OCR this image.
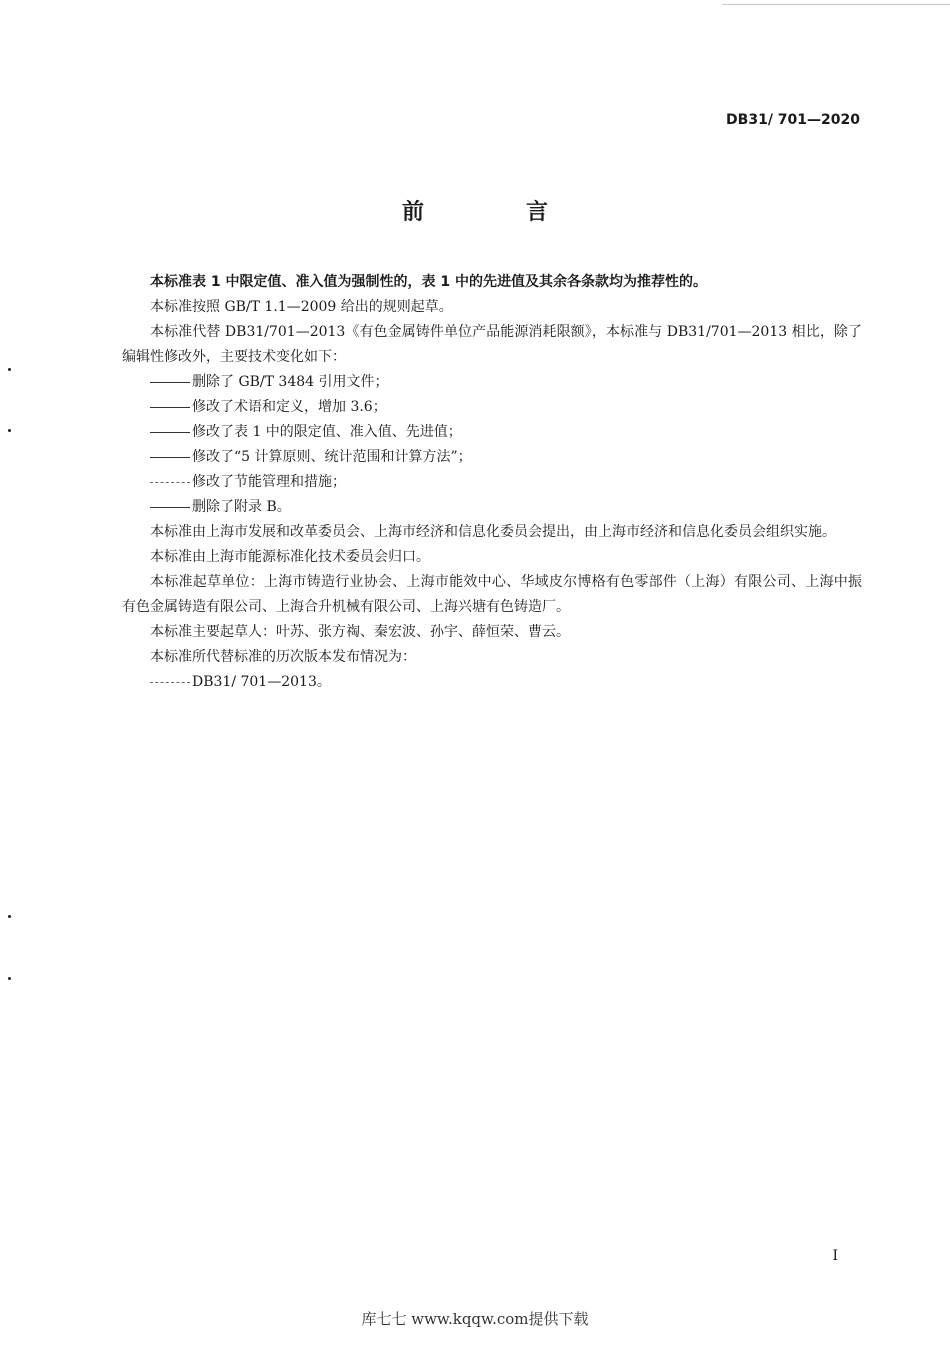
DB31/ 701—2020
前　言

本标准表 1 中限定值、准入值为强制性的，表 1 中的先进值及其余各条款均为推荐性的。

本标准按照 GB/T 1.1—2009 给出的规则起草。

本标准代替 DB31/701—2013《有色金属铸件单位产品能源消耗限额》，本标准与 DB31/701—2013 相比，除了编辑性修改外，主要技术变化如下：

删除了 GB/T 3484 引用文件；

修改了术语和定义，增加 3.6；

修改了表 1 中的限定值、准入值、先进值；

修改了“5 计算原则、统计范围和计算方法”；

修改了节能管理和措施；

删除了附录 B。

本标准由上海市发展和改革委员会、上海市经济和信息化委员会提出，由上海市经济和信息化委员会组织实施。

本标准由上海市能源标准化技术委员会归口。

本标准起草单位：上海市铸造行业协会、上海市能效中心、华域皮尔博格有色零部件（上海）有限公司、上海中振有色金属铸造有限公司、上海合升机械有限公司、上海兴塘有色铸造厂。

本标准主要起草人：叶苏、张方祹、秦宏波、孙宇、薛恒荣、曹云。

本标准所代替标准的历次版本发布情况为：

DB31/ 701—2013。

I
库七七 www.kqqw.com提供下载
